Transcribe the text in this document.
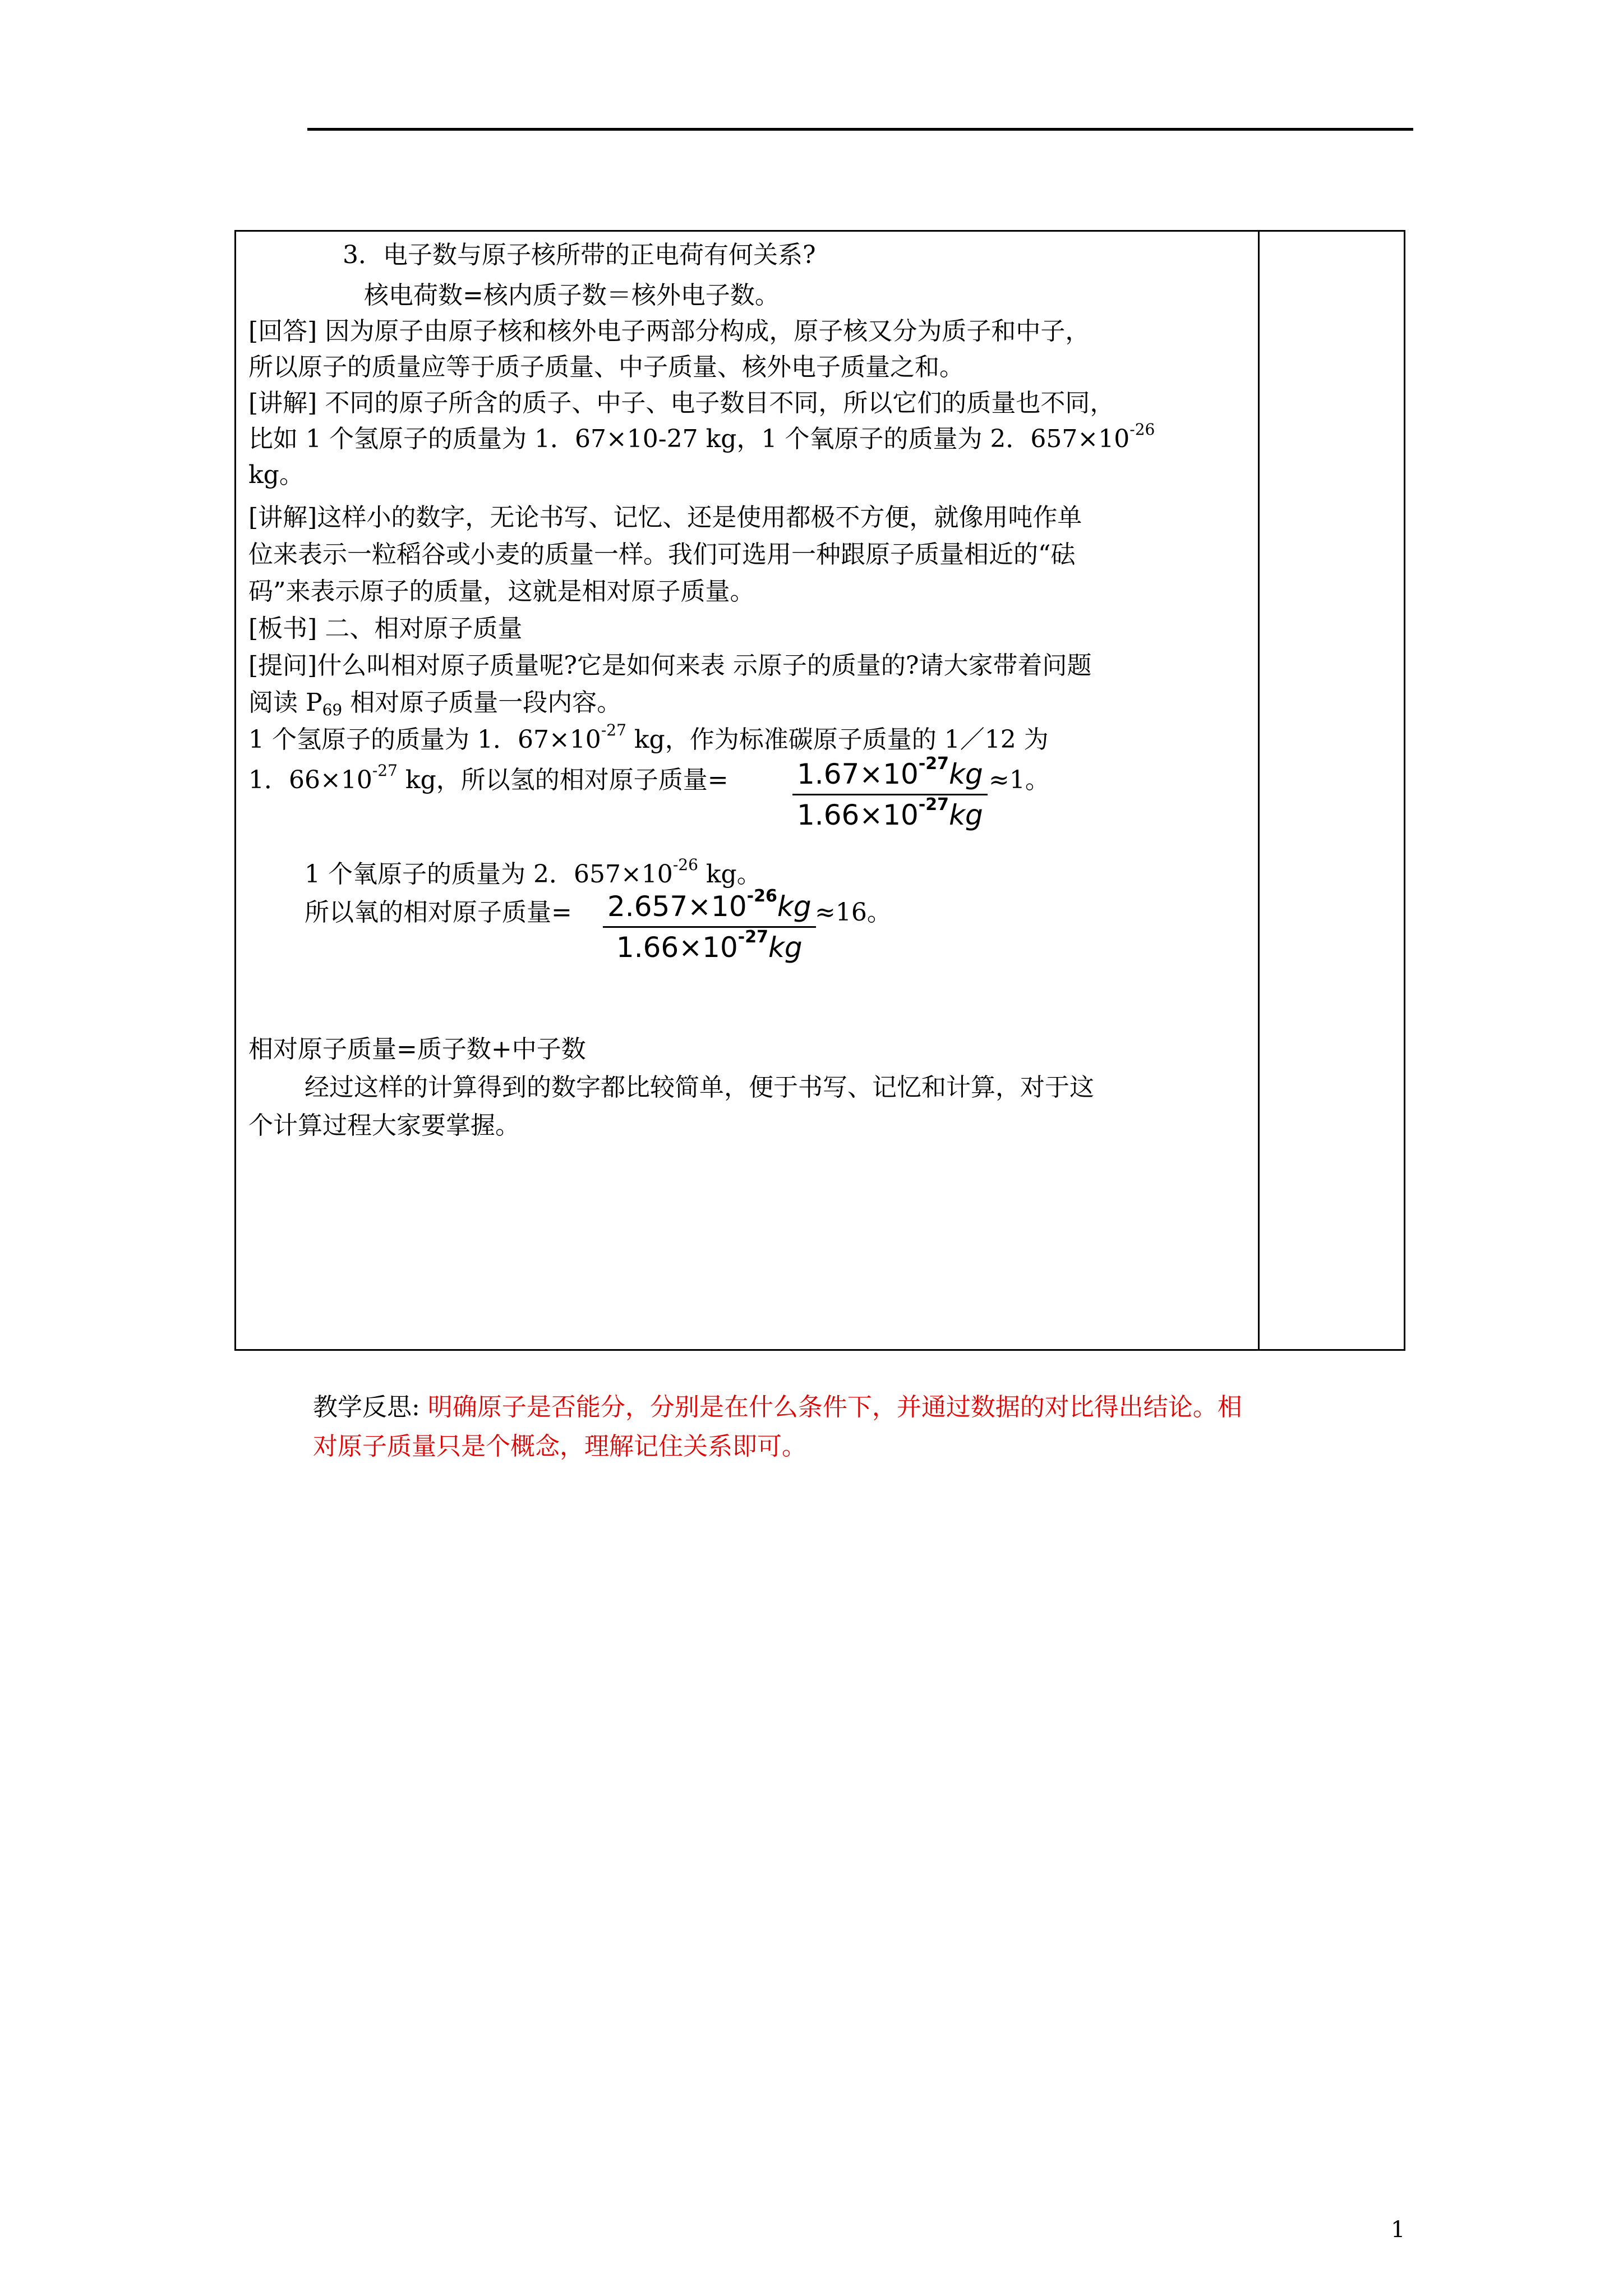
3．电子数与原子核所带的正电荷有何关系?
核电荷数=核内质子数＝核外电子数。
[回答] 因为原子由原子核和核外电子两部分构成，原子核又分为质子和中子，
所以原子的质量应等于质子质量、中子质量、核外电子质量之和。
[讲解] 不同的原子所含的质子、中子、电子数目不同，所以它们的质量也不同，
比如 1 个氢原子的质量为 1．67×10-27 kg，1 个氧原子的质量为 2．$657\times 10^{-26}$
kg。
[讲解]这样小的数字，无论书写、记忆、还是使用都极不方便，就像用吨作单
位来表示一粒稻谷或小麦的质量一样。我们可选用一种跟原子质量相近的“砝
码”来表示原子的质量，这就是相对原子质量。
[板书] 二、相对原子质量
[提问]什么叫相对原子质量呢?它是如何来表 示原子的质量的?请大家带着问题
阅读 $P_{69}$ 相对原子质量一段内容。
1 个氢原子的质量为 1．$67\times 10^{-27}$ kg，作为标准碳原子质量的 1／12 为
1．$66\times 10^{-27}$ kg，所以氢的相对原子质量= $1.67\times 10^{-27}kg$
$1.66\times 10^{-27}kg$
≈1。
1 个氧原子的质量为 2．$657\times 10^{-26}$ kg。
所以氧的相对原子质量= $2.657\times 10^{-26}kg$
$1.66\times 10^{-27}kg$
≈16。
相对原子质量=质子数+中子数
经过这样的计算得到的数字都比较简单，便于书写、记忆和计算，对于这
个计算过程大家要掌握。
教学反思: 明确原子是否能分，分别是在什么条件下，并通过数据的对比得出结论。相
对原子质量只是个概念，理解记住关系即可。
1
